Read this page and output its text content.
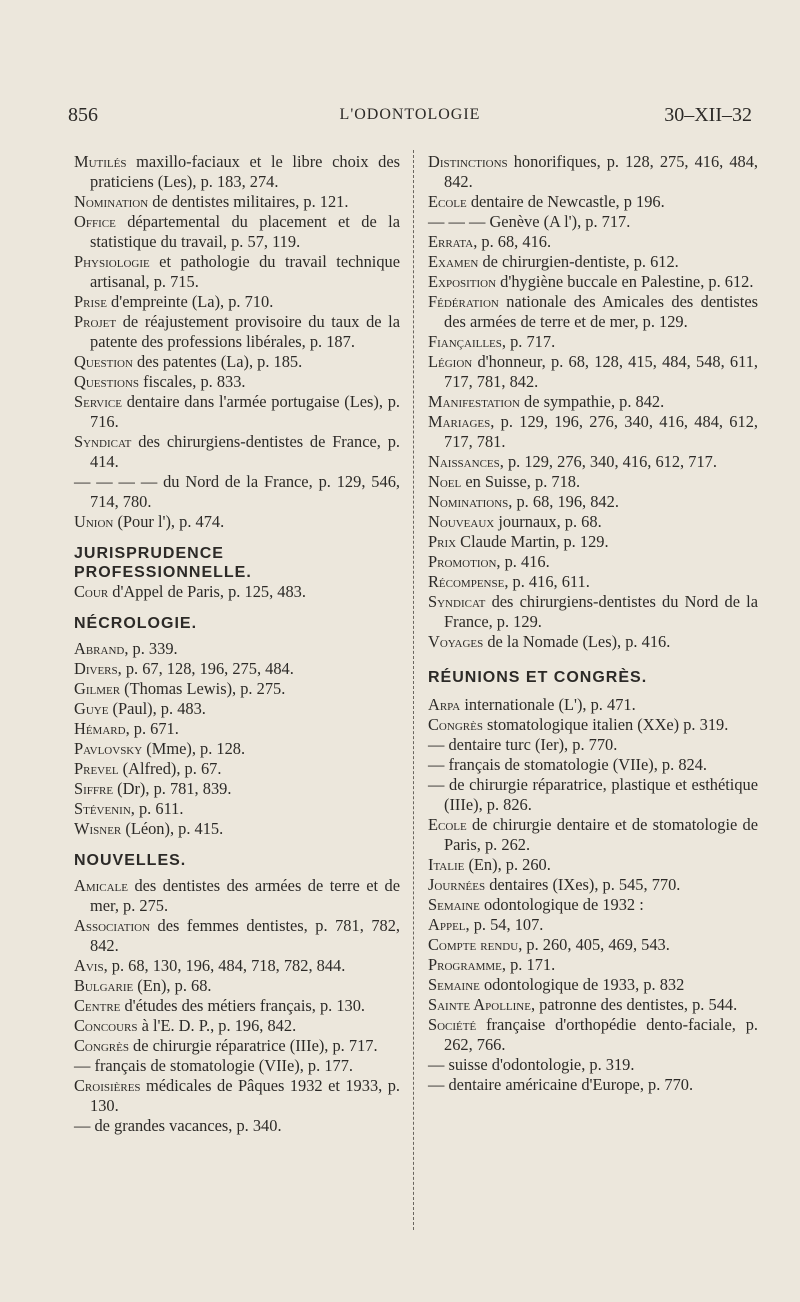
856	L'ODONTOLOGIE	30–XII–32

Mutilés maxillo-faciaux et le libre choix des praticiens (Les), p. 183, 274.

Nomination de dentistes militaires, p. 121.

Office départemental du placement et de la statistique du travail, p. 57, 119.

Physiologie et pathologie du travail technique artisanal, p. 715.

Prise d'empreinte (La), p. 710.

Projet de réajustement provisoire du taux de la patente des professions libérales, p. 187.

Question des patentes (La), p. 185.

Questions fiscales, p. 833.

Service dentaire dans l'armée portugaise (Les), p. 716.

Syndicat des chirurgiens-dentistes de France, p. 414.

— — — — du Nord de la France, p. 129, 546, 714, 780.

Union (Pour l'), p. 474.

JURISPRUDENCE PROFESSIONNELLE.

Cour d'Appel de Paris, p. 125, 483.

NÉCROLOGIE.

Abrand, p. 339.

Divers, p. 67, 128, 196, 275, 484.

Gilmer (Thomas Lewis), p. 275.

Guye (Paul), p. 483.

Hémard, p. 671.

Pavlovsky (Mme), p. 128.

Prevel (Alfred), p. 67.

Siffre (Dr), p. 781, 839.

Stévenin, p. 611.

Wisner (Léon), p. 415.

NOUVELLES.

Amicale des dentistes des armées de terre et de mer, p. 275.

Association des femmes dentistes, p. 781, 782, 842.

Avis, p. 68, 130, 196, 484, 718, 782, 844.

Bulgarie (En), p. 68.

Centre d'études des métiers français, p. 130.

Concours à l'E. D. P., p. 196, 842.

Congrès de chirurgie réparatrice (IIIe), p. 717.

— français de stomatologie (VIIe), p. 177.

Croisières médicales de Pâques 1932 et 1933, p. 130.

— de grandes vacances, p. 340.

Distinctions honorifiques, p. 128, 275, 416, 484, 842.

Ecole dentaire de Newcastle, p 196.

— — — Genève (A l'), p. 717.

Errata, p. 68, 416.

Examen de chirurgien-dentiste, p. 612.

Exposition d'hygiène buccale en Palestine, p. 612.

Fédération nationale des Amicales des dentistes des armées de terre et de mer, p. 129.

Fiançailles, p. 717.

Légion d'honneur, p. 68, 128, 415, 484, 548, 611, 717, 781, 842.

Manifestation de sympathie, p. 842.

Mariages, p. 129, 196, 276, 340, 416, 484, 612, 717, 781.

Naissances, p. 129, 276, 340, 416, 612, 717.

Noel en Suisse, p. 718.

Nominations, p. 68, 196, 842.

Nouveaux journaux, p. 68.

Prix Claude Martin, p. 129.

Promotion, p. 416.

Récompense, p. 416, 611.

Syndicat des chirurgiens-dentistes du Nord de la France, p. 129.

Voyages de la Nomade (Les), p. 416.

RÉUNIONS ET CONGRÈS.

Arpa internationale (L'), p. 471.

Congrès stomatologique italien (XXe) p. 319.

— dentaire turc (Ier), p. 770.

— français de stomatologie (VIIe), p. 824.

— de chirurgie réparatrice, plastique et esthétique (IIIe), p. 826.

Ecole de chirurgie dentaire et de stomatologie de Paris, p. 262.

Italie (En), p. 260.

Journées dentaires (IXes), p. 545, 770.

Semaine odontologique de 1932 :

Appel, p. 54, 107.

Compte rendu, p. 260, 405, 469, 543.

Programme, p. 171.

Semaine odontologique de 1933, p. 832

Sainte Apolline, patronne des dentistes, p. 544.

Société française d'orthopédie dento-faciale, p. 262, 766.

— suisse d'odontologie, p. 319.

— dentaire américaine d'Europe, p. 770.
